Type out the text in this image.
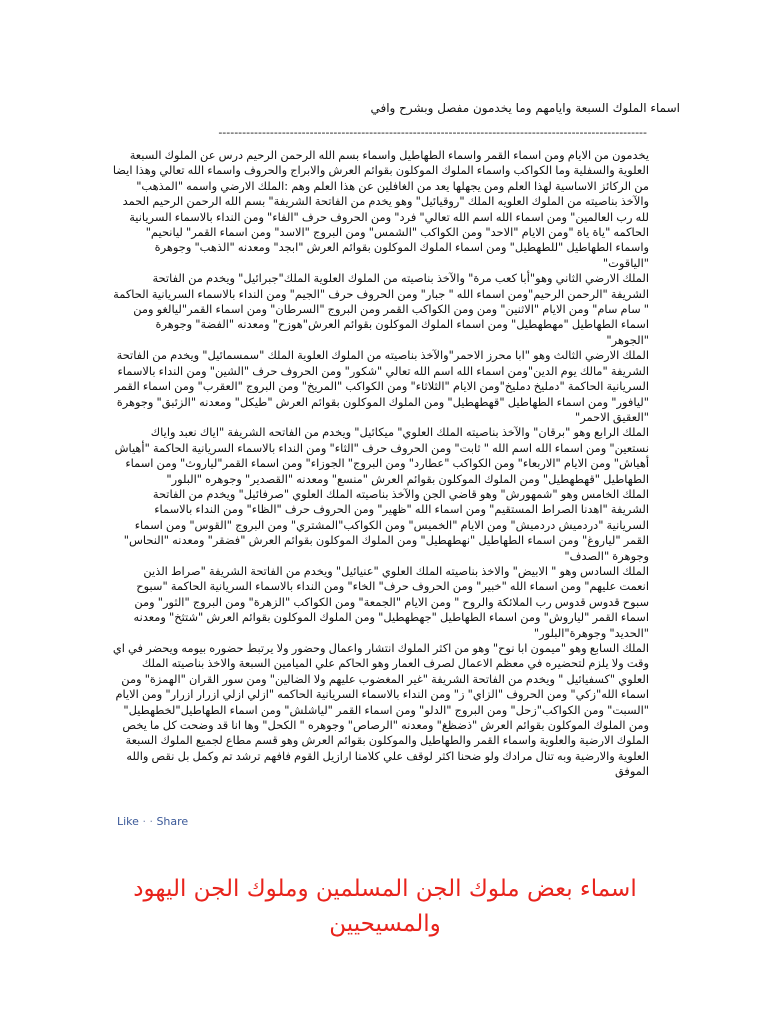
اسماء الملوك السبعة وايامهم وما يخدمون مفصل وبشرح وافي
------------------------------------------------------------------------------------------------------------

يخدمون من الايام ومن اسماء القمر واسماء الطهاطيل واسماء بسم الله الرحمن الرحيم درس عن الملوك السبعة العلوية والسفلية وما الكواكب واسماء الملوك الموكلون بقوائم العرش والابراج والحروف واسماء الله تعالي وهذا ايضا من الركائز الاساسية لهذا العلم ومن يجهلها يعد من الغافلين عن هذا العلم وهم :الملك الارضي واسمه "المذهب" والآخذ بناصيته من الملوك العلويه الملك "روقيائيل" وهو يخدم من الفاتحة الشريفة" بسم الله الرحمن الرحيم الحمد لله رب العالمين" ومن اسماء الله اسم الله تعالي" فرد" ومن الحروف حرف "الفاء" ومن النداء بالاسماء السريانية الحاكمه "ياة ياة "ومن الايام "الاحد" ومن الكواكب "الشمس" ومن البروج "الاسد" ومن اسماء القمر" ليانحيم" واسماء الطهاطيل "للطهطيل" ومن اسماء الملوك الموكلون بقوائم العرش "ابجد" ومعدنه "الذهب" وجوهرة "الياقوت"

الملك الارضي الثاني وهو"أبا كعب مرة" والآخذ بناصيته من الملوك العلوية الملك"جبرائيل" ويخدم من الفاتحة الشريفة "الرحمن الرحيم"ومن اسماء الله " جبار" ومن الحروف حرف "الجيم" ومن النداء بالاسماء السريانية الحاكمة " سام سام" ومن الايام "الاثنين" ومن ومن الكواكب القمر ومن البروج "السرطان" ومن اسماء القمر"ليالغو ومن اسماء الطهاطيل "مهطهطيل" ومن اسماء الملوك الموكلون بقوائم العرش"هوزح" ومعدنه "الفضة" وجوهرة "الجوهر"

الملك الارضي الثالث وهو "ابا محرز الاحمر"والآخذ بناصيته من الملوك العلوية الملك "سمسمائيل" ويخدم من الفاتحة الشريفة "مالك يوم الدين"ومن اسماء الله اسم الله تعالي "شكور" ومن الحروف حرف "الشين" ومن النداء بالاسماء السريانية الحاكمة "دمليخ دمليخ"ومن الايام "الثلاثاء" ومن الكواكب "المريخ" ومن البروج "العقرب" ومن اسماء القمر "ليافور" ومن اسماء الطهاطيل "قهطهطيل" ومن الملوك الموكلون بقوائم العرش "طيكل" ومعدنه "الزئبق" وجوهرة "العقيق الاحمر"

الملك الرابع وهو "برقان" والآخذ بناصيته الملك العلوي" ميكائيل" ويخدم من الفاتحه الشريفة "اياك نعبد واياك نستعين" ومن اسماء الله اسم الله " ثابت" ومن الحروف حرف "الثاء" ومن النداء بالاسماء السريانية الحاكمة "أهياش أهياش" ومن الايام "الاربعاء" ومن الكواكب "عطارد" ومن البروج" الجوزاء" ومن اسماء القمر"لياروث" ومن اسماء الطهاطيل "قهطهطيل" ومن الملوك الموكلون بقوائم العرش "منسع" ومعدنه "القصدير" وجوهره "البلور"

الملك الخامس وهو "شمهورش" وهو قاضي الجن والآخذ بناصيته الملك العلوي "صرفائيل" ويخدم من الفاتحة الشريفة "اهدنا الصراط المستقيم" ومن اسماء الله "ظهير" ومن الحروف حرف "الظاء" ومن النداء بالاسماء السريانية "دردميش دردميش" ومن الايام "الخميس" ومن الكواكب"المشتري" ومن البروج "القوس" ومن اسماء القمر "لياروغ" ومن اسماء الطهاطيل "نهطهطيل" ومن الملوك الموكلون بقوائم العرش "فضقر" ومعدنه "النحاس" وجوهرة "الصدف"

الملك السادس وهو " الابيض" والاخذ بناصيته الملك العلوي "عنيائيل" ويخدم من الفاتحة الشريفة "صراط الذين انعمت عليهم" ومن اسماء الله "خبير" ومن الحروف حرف" الخاء" ومن النداء بالاسماء السريانية الحاكمة "سبوح سبوح قدوس قدوس رب الملائكة والروح " ومن الايام "الجمعة" ومن الكواكب "الزهرة" ومن البروج "الثور" ومن اسماء القمر "لياروش" ومن اسماء الطهاطيل "جهطهطيل" ومن الملوك الموكلون بقوائم العرش "شتثخ" ومعدنه "الحديد" وجوهرة"البلور"

الملك السابع وهو "ميمون ابا نوح" وهو من اكثر الملوك انتشار واعمال وحضور ولا يرتبط حضوره بيومه ويحضر في اي وقت ولا يلزم لتحضيره في معظم الاعمال لصرف العمار وهو الحاكم علي الميامين السبعة والاخذ بناصيته الملك العلوي "كسفيائيل " ويخدم من الفاتحة الشريفة "غير المغضوب عليهم ولا الضالين" ومن سور القران "الهمزة" ومن اسماء الله"زكي" ومن الحروف "الزاي" ز" ومن النداء بالاسماء السريانية الحاكمه "ازلي ازلي ازرار ازرار" ومن الايام "السبت" ومن الكواكب"زحل" ومن البروج "الدلو" ومن اسماء القمر "لياشلش" ومن اسماء الطهاطيل"لخطهطيل" ومن الملوك الموكلون بقوائم العرش "ذضظغ" ومعدنه "الرصاص" وجوهره " الكحل" وها انا قد وضحت كل ما يخص الملوك الارضية والعلوية واسماء القمر والطهاطيل والموكلون بقوائم العرش وهو قسم مطاع لجميع الملوك السبعة العلوية والارضية وبه تنال مرادك ولو ضحنا اكثر لوقف علي كلامنا ارازيل القوم فافهم ترشد تم وكمل بل نقص والله الموفق

Like · · Share
اسماء بعض ملوك الجن المسلمين وملوك الجن اليهود والمسيحيين
